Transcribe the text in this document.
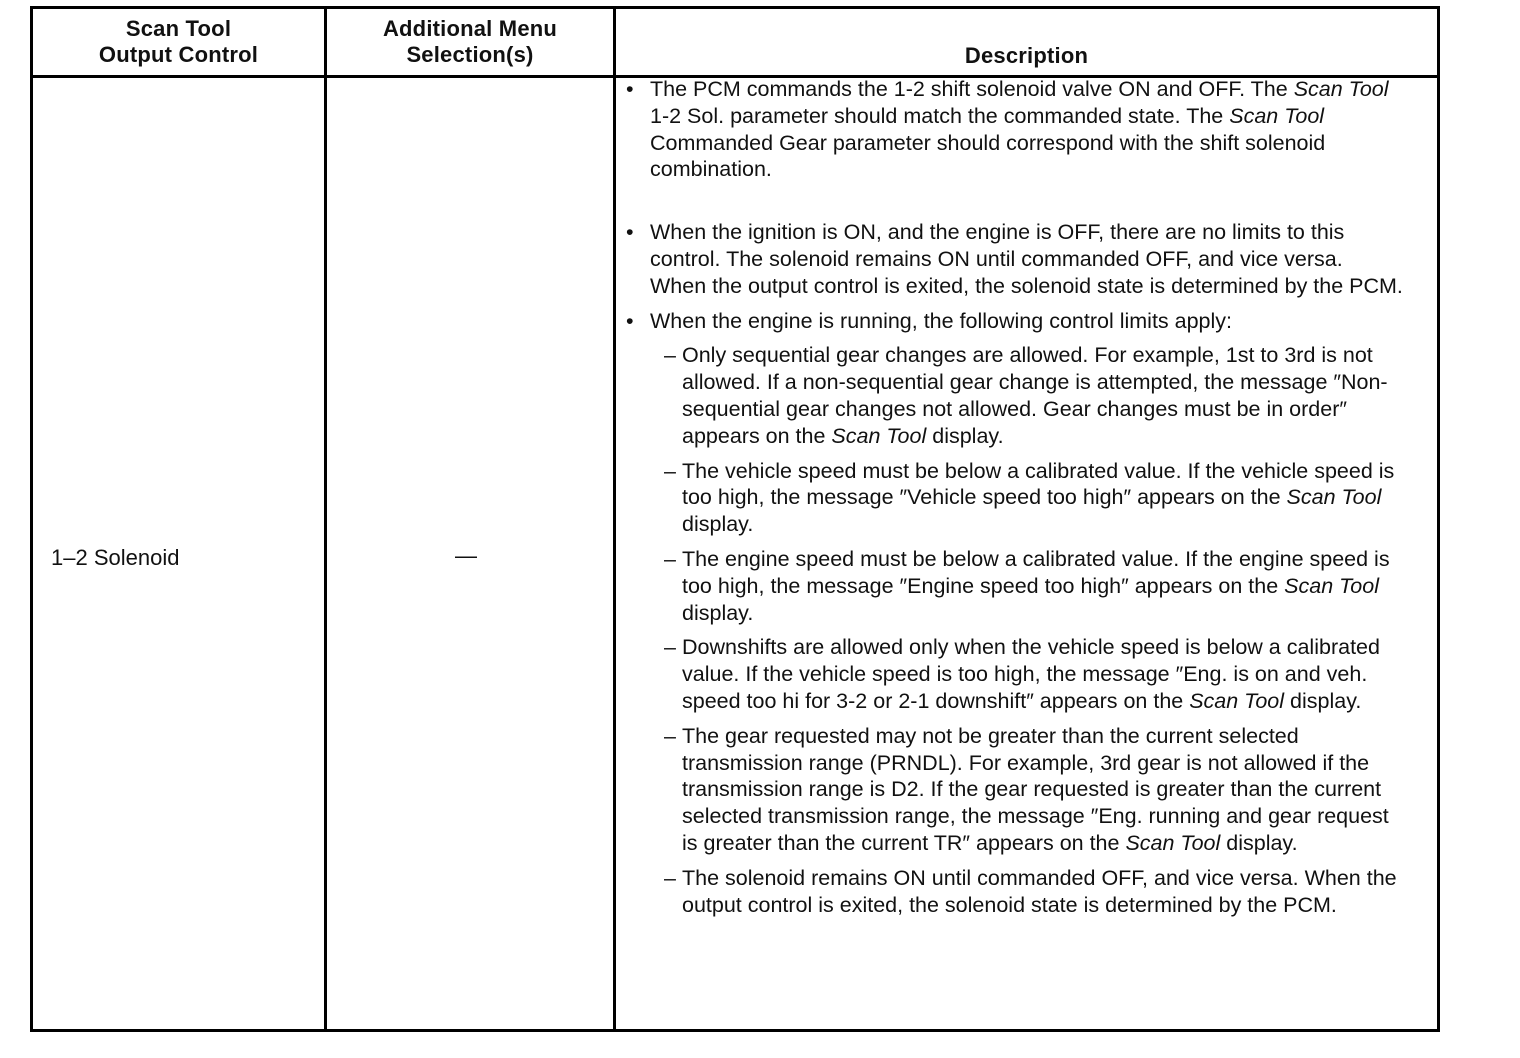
Scan Tool
Output Control
Additional Menu
Selection(s)	Description
1–2 Solenoid	—

• The PCM commands the 1-2 shift solenoid valve ON and OFF. The Scan Tool 1-2 Sol. parameter should match the commanded state. The Scan Tool Commanded Gear parameter should correspond with the shift solenoid combination.

• When the ignition is ON, and the engine is OFF, there are no limits to this control. The solenoid remains ON until commanded OFF, and vice versa. When the output control is exited, the solenoid state is determined by the PCM.

• When the engine is running, the following control limits apply:

– Only sequential gear changes are allowed. For example, 1st to 3rd is not allowed. If a non-sequential gear change is attempted, the message ″Non-sequential gear changes not allowed. Gear changes must be in order″ appears on the Scan Tool display.

– The vehicle speed must be below a calibrated value. If the vehicle speed is too high, the message ″Vehicle speed too high″ appears on the Scan Tool display.

– The engine speed must be below a calibrated value. If the engine speed is too high, the message ″Engine speed too high″ appears on the Scan Tool display.

– Downshifts are allowed only when the vehicle speed is below a calibrated value. If the vehicle speed is too high, the message ″Eng. is on and veh. speed too hi for 3-2 or 2-1 downshift″ appears on the Scan Tool display.

– The gear requested may not be greater than the current selected transmission range (PRNDL). For example, 3rd gear is not allowed if the transmission range is D2. If the gear requested is greater than the current selected transmission range, the message ″Eng. running and gear request is greater than the current TR″ appears on the Scan Tool display.

– The solenoid remains ON until commanded OFF, and vice versa. When the output control is exited, the solenoid state is determined by the PCM.
